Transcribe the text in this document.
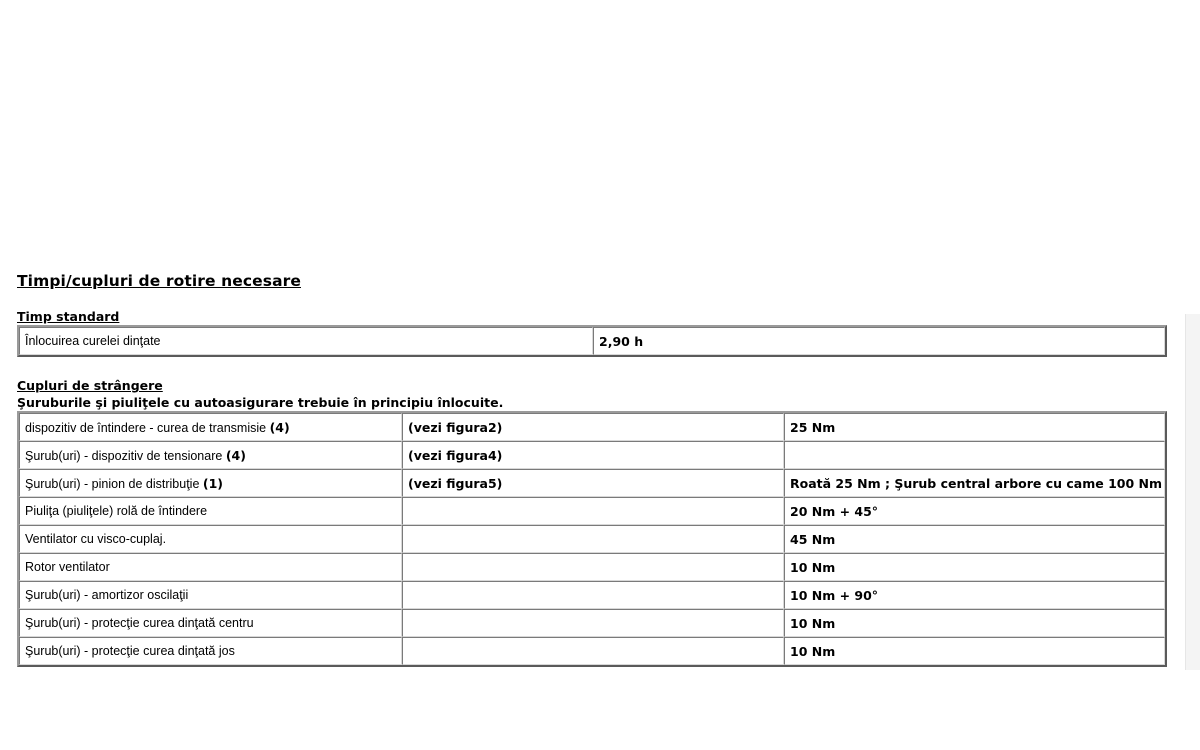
Timpi/cupluri de rotire necesare
Timp standard
Înlocuirea curelei dinţate	2,90 h
Cupluri de strângere
Şuruburile şi piuliţele cu autoasigurare trebuie în principiu înlocuite.
dispozitiv de întindere - curea de transmisie (4)	(vezi figura2)	25 Nm
Şurub(uri) - dispozitiv de tensionare (4)	(vezi figura4)	
Şurub(uri) - pinion de distribuţie (1)	(vezi figura5)	Roată 25 Nm ; Şurub central arbore cu came 100 Nm
Piuliţa (piuliţele) rolă de întindere		20 Nm + 45°
Ventilator cu visco-cuplaj.		45 Nm
Rotor ventilator		10 Nm
Şurub(uri) - amortizor oscilaţii		10 Nm + 90°
Şurub(uri) - protecţie curea dinţată centru		10 Nm
Şurub(uri) - protecţie curea dinţată jos		10 Nm
